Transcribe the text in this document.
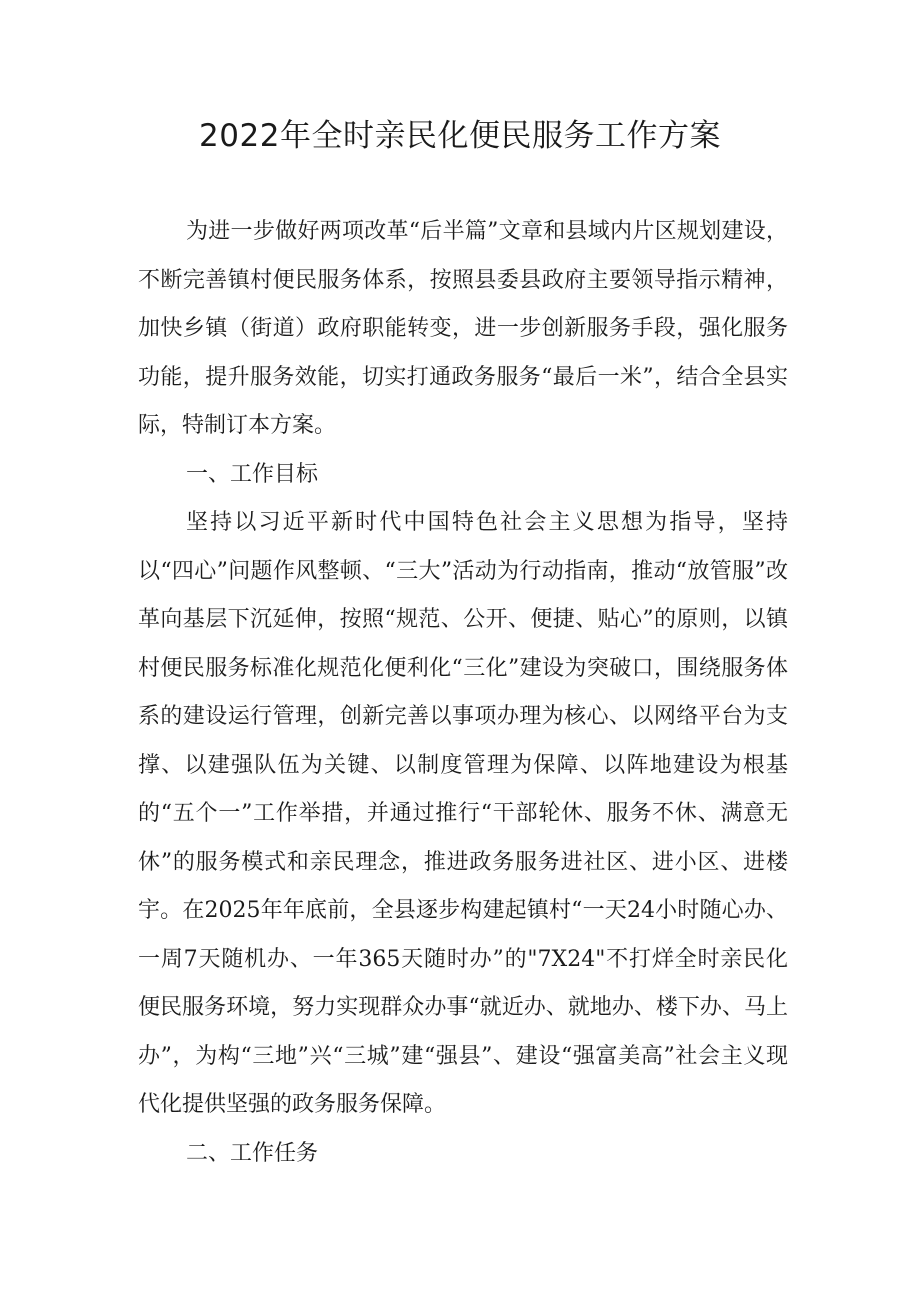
2022年全时亲民化便民服务工作方案

为进一步做好两项改革“后半篇”文章和县域内片区规划建设，不断完善镇村便民服务体系，按照县委县政府主要领导指示精神，加快乡镇（街道）政府职能转变，进一步创新服务手段，强化服务功能，提升服务效能，切实打通政务服务“最后一米”，结合全县实际，特制订本方案。

一、工作目标

坚持以习近平新时代中国特色社会主义思想为指导，坚持以“四心”问题作风整顿、“三大”活动为行动指南，推动“放管服”改革向基层下沉延伸，按照“规范、公开、便捷、贴心”的原则，以镇村便民服务标准化规范化便利化“三化”建设为突破口，围绕服务体系的建设运行管理，创新完善以事项办理为核心、以网络平台为支撑、以建强队伍为关键、以制度管理为保障、以阵地建设为根基的“五个一”工作举措，并通过推行“干部轮休、服务不休、满意无休”的服务模式和亲民理念，推进政务服务进社区、进小区、进楼宇。在2025年年底前，全县逐步构建起镇村“一天24小时随心办、一周7天随机办、一年365天随时办”的"7X24"不打烊全时亲民化便民服务环境，努力实现群众办事“就近办、就地办、楼下办、马上办”，为构“三地”兴“三城”建“强县”、建设“强富美高”社会主义现代化提供坚强的政务服务保障。

二、工作任务
